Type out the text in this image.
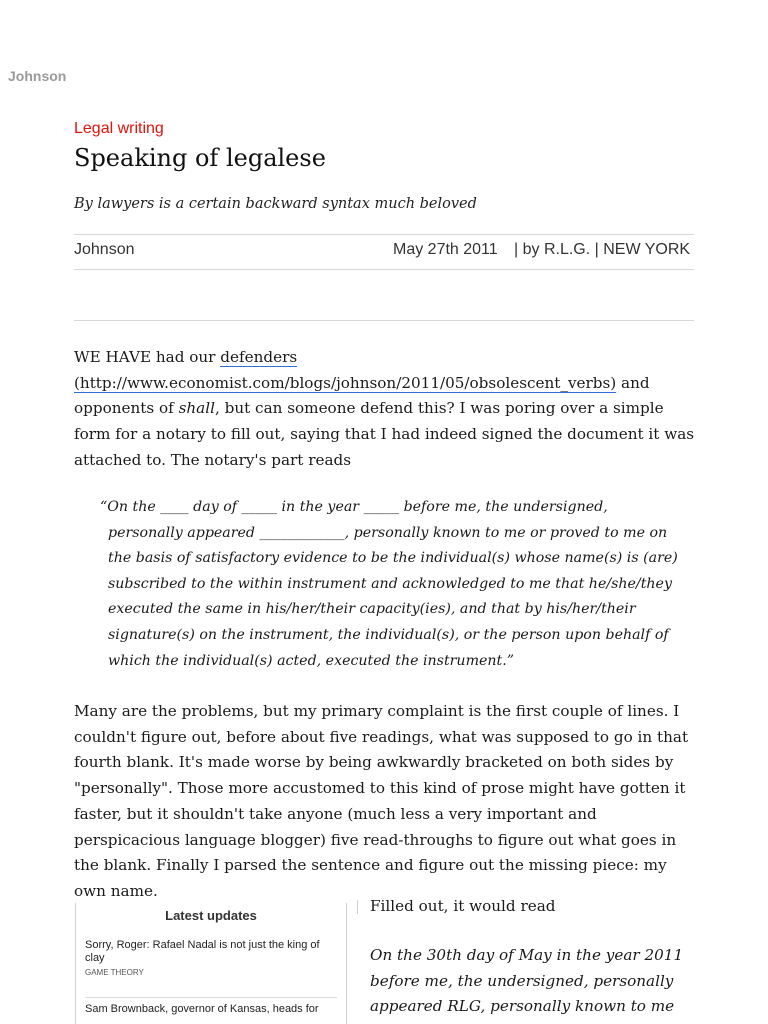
Johnson
Legal writing
Speaking of legalese
By lawyers is a certain backward syntax much beloved
Johnson	May 27th 2011 | by R.L.G. | NEW YORK

WE HAVE had our defenders (http://www.economist.com/blogs/johnson/2011/05/obsolescent_verbs) and opponents of shall, but can someone defend this? I was poring over a simple form for a notary to fill out, saying that I had indeed signed the document it was attached to. The notary's part reads

“On the ____ day of _____ in the year _____ before me, the undersigned, personally appeared ____________, personally known to me or proved to me on the basis of satisfactory evidence to be the individual(s) whose name(s) is (are) subscribed to the within instrument and acknowledged to me that he/she/they executed the same in his/her/their capacity(ies), and that by his/her/their signature(s) on the instrument, the individual(s), or the person upon behalf of which the individual(s) acted, executed the instrument.”

Many are the problems, but my primary complaint is the first couple of lines. I couldn't figure out, before about five readings, what was supposed to go in that fourth blank. It's made worse by being awkwardly bracketed on both sides by "personally". Those more accustomed to this kind of prose might have gotten it faster, but it shouldn't take anyone (much less a very important and perspicacious language blogger) five read-throughs to figure out what goes in the blank. Finally I parsed the sentence and figure out the missing piece: my own name.

Latest updates
Sorry, Roger: Rafael Nadal is not just the king of clay
GAME THEORY
Sam Brownback, governor of Kansas, heads for

Filled out, it would read

On the 30th day of May in the year 2011 before me, the undersigned, personally appeared RLG, personally known to me
